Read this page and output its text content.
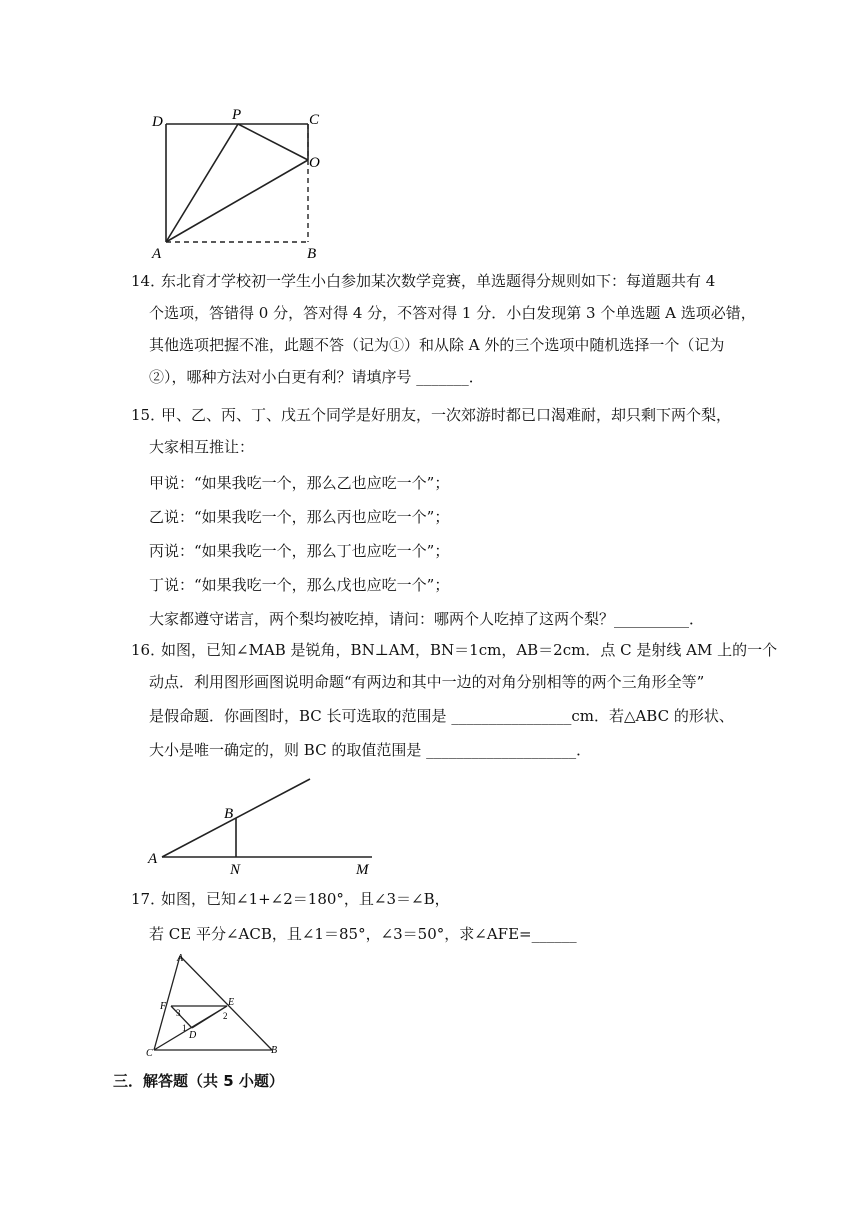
D	P	C
O
A	B
14．
东北育才学校初一学生小白参加某次数学竞赛，单选题得分规则如下：每道题共有 4
个选项，答错得 0 分，答对得 4 分，不答对得 1 分．小白发现第 3 个单选题 A 选项必错，
其他选项把握不准，此题不答（记为①）和从除 A 外的三个选项中随机选择一个（记为
②），哪种方法对小白更有利？请填序号 _______．
15．
甲、乙、丙、丁、戊五个同学是好朋友，一次郊游时都已口渴难耐，却只剩下两个梨，
大家相互推让：
甲说：“如果我吃一个，那么乙也应吃一个”；
乙说：“如果我吃一个，那么丙也应吃一个”；
丙说：“如果我吃一个，那么丁也应吃一个”；
丁说：“如果我吃一个，那么戊也应吃一个”；
大家都遵守诺言，两个梨均被吃掉，请问：哪两个人吃掉了这两个梨？__________．
16．
如图，已知∠MAB 是锐角，BN⊥AM，BN＝1cm，AB＝2cm．点 C 是射线 AM 上的一个
动点．利用图形画图说明命题“有两边和其中一边的对角分别相等的两个三角形全等”
是假命题．你画图时，BC 长可选取的范围是 ________________cm．若△ABC 的形状、
大小是唯一确定的，则 BC 的取值范围是 ____________________．
A
B
N	M
17．
如图，已知∠1+∠2＝180°，且∠3＝∠B，
若 CE 平分∠ACB，且∠1＝85°，∠3＝50°，求∠AFE=______
A
F	E
3	2
1
D
C	B
三．解答题（共 5 小题）
